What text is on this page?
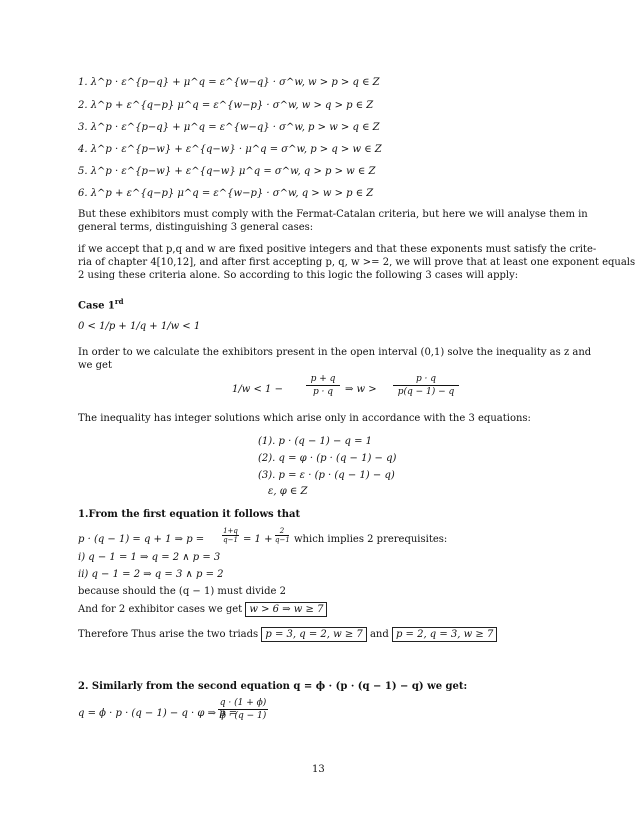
1. λ^p · ε^{p−q} + μ^q = ε^{w−q} · σ^w, w > p > q ∈ Z
2. λ^p + ε^{q−p} μ^q = ε^{w−p} · σ^w, w > q > p ∈ Z
3. λ^p · ε^{p−q} + μ^q = ε^{w−q} · σ^w, p > w > q ∈ Z
4. λ^p · ε^{p−w} + ε^{q−w} · μ^q = σ^w, p > q > w ∈ Z
5. λ^p · ε^{p−w} + ε^{q−w} μ^q = σ^w, q > p > w ∈ Z
6. λ^p + ε^{q−p} μ^q = ε^{w−p} · σ^w, q > w > p ∈ Z
But these exhibitors must comply with the Fermat-Catalan criteria, but here we will analyse them in
general terms, distinguishing 3 general cases:
if we accept that p,q and w are fixed positive integers and that these exponents must satisfy the crite-
ria of chapter 4[10,12], and after first accepting p, q, w >= 2, we will prove that at least one exponent equals
2 using these criteria alone. So according to this logic the following 3 cases will apply:
Case 1rd
0 < 1/p + 1/q + 1/w < 1
In order to we calculate the exhibitors present in the open interval (0,1) solve the inequality as z and
we get
1/w < 1 −
p + q
p · q	⇒ w >
p · q
p(q − 1) − q
The inequality has integer solutions which arise only in accordance with the 3 equations:
(1). p · (q − 1) − q = 1
(2). q = φ · (p · (q − 1) − q)
(3). p = ε · (p · (q − 1) − q)
ε, φ ∈ Z
1.From the first equation it follows that
p · (q − 1) = q + 1 ⇒ p =
1+q
q−1 = 1 +
2
q−1 which implies 2 prerequisites:
i) q − 1 = 1 ⇒ q = 2 ∧ p = 3
ii) q − 1 = 2 ⇒ q = 3 ∧ p = 2
because should the (q − 1) must divide 2
And for 2 exhibitor cases we get w > 6 ⇒ w ≥ 7
Therefore Thus arise the two triads p = 3, q = 2, w ≥ 7 and p = 2, q = 3, w ≥ 7
2. Similarly from the second equation q = ϕ · (p · (q − 1) − q) we get:
q = ϕ · p · (q − 1) − q · φ ⇒ p =
q · (1 + ϕ)
ϕ · (q − 1)
13
